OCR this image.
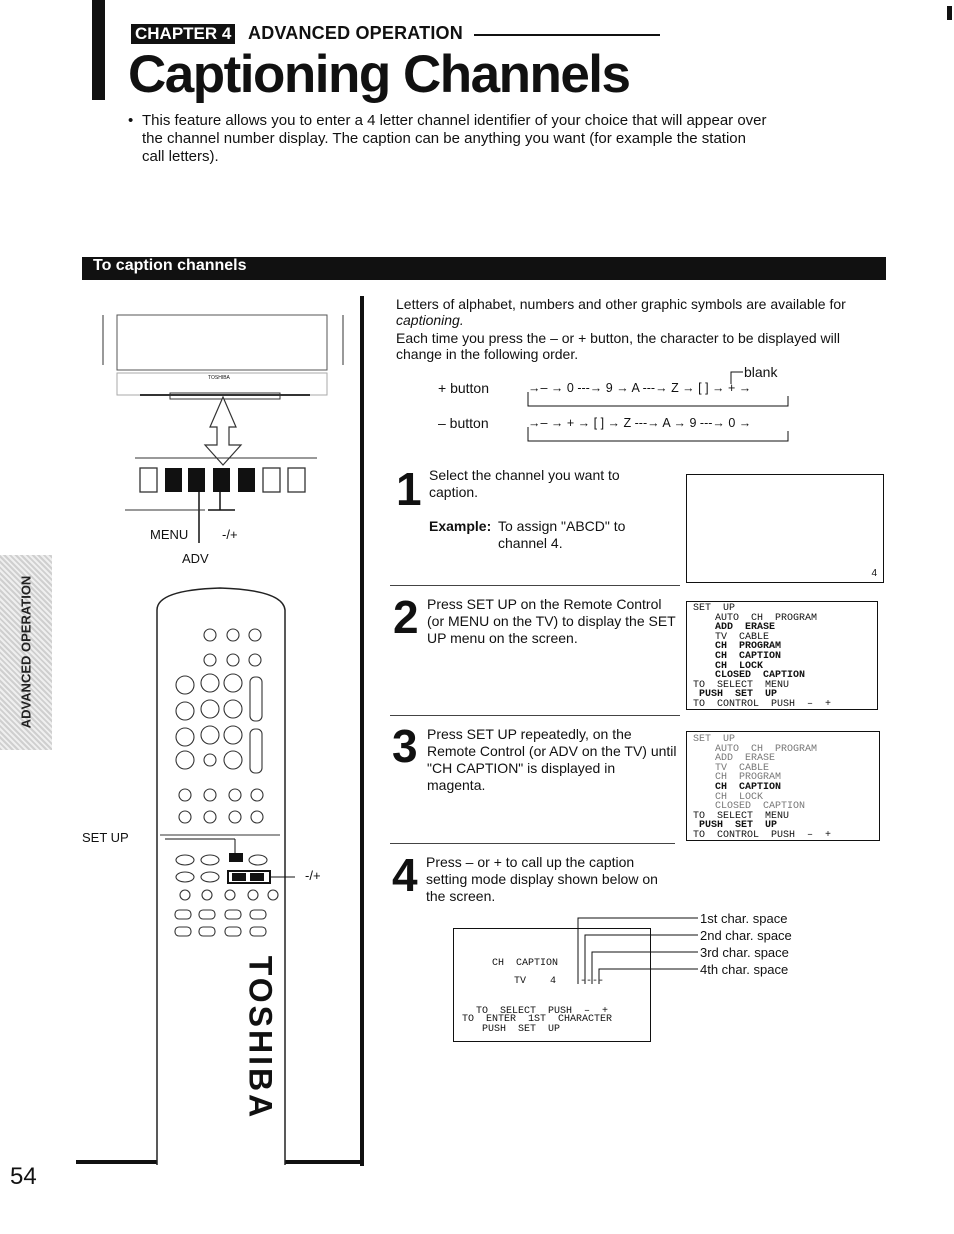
CHAPTER 4 ADVANCED OPERATION
Captioning Channels
• This feature allows you to enter a 4 letter channel identifier of your choice that will appear over the channel number display. The caption can be anything you want (for example the station call letters).
To caption channels
ADVANCED OPERATION
54
MENU	-/+
ADV
SET UP
-/+
TOSHIBA
TOSHIBA
Letters of alphabet, numbers and other graphic symbols are available for
captioning.
Each time you press the – or + button, the character to be displayed will
change in the following order.
blank
+ button	→– → 0 ---→ 9 → A ---→ Z → [ ] → + →
– button	→– → + → [ ] → Z ---→ A → 9 ---→ 0 →
1 Select the channel you want to caption.
Example: To assign "ABCD" to channel 4.
4
2 Press SET UP on the Remote Control (or MENU on the TV) to display the SET UP menu on the screen.
SET  UP
AUTO  CH  PROGRAM
ADD  ERASE
TV  CABLE
CH  PROGRAM
CH  CAPTION
CH  LOCK
CLOSED  CAPTION
TO  SELECT  MENU
PUSH  SET  UP
TO  CONTROL  PUSH  –  +
3 Press SET UP repeatedly, on the Remote Control (or ADV on the TV) until "CH CAPTION" is displayed in magenta.
SET  UP
AUTO  CH  PROGRAM
ADD  ERASE
TV  CABLE
CH  PROGRAM
CH  CAPTION
CH  LOCK
CLOSED  CAPTION
TO  SELECT  MENU
PUSH  SET  UP
TO  CONTROL  PUSH  –  +
4 Press – or + to call up the caption setting mode display shown below on the screen.
CH  CAPTION
TV    4    ----
TO  SELECT  PUSH  –  +
TO  ENTER  1ST  CHARACTER
PUSH  SET  UP
1st char. space
2nd char. space
3rd char. space
4th char. space
